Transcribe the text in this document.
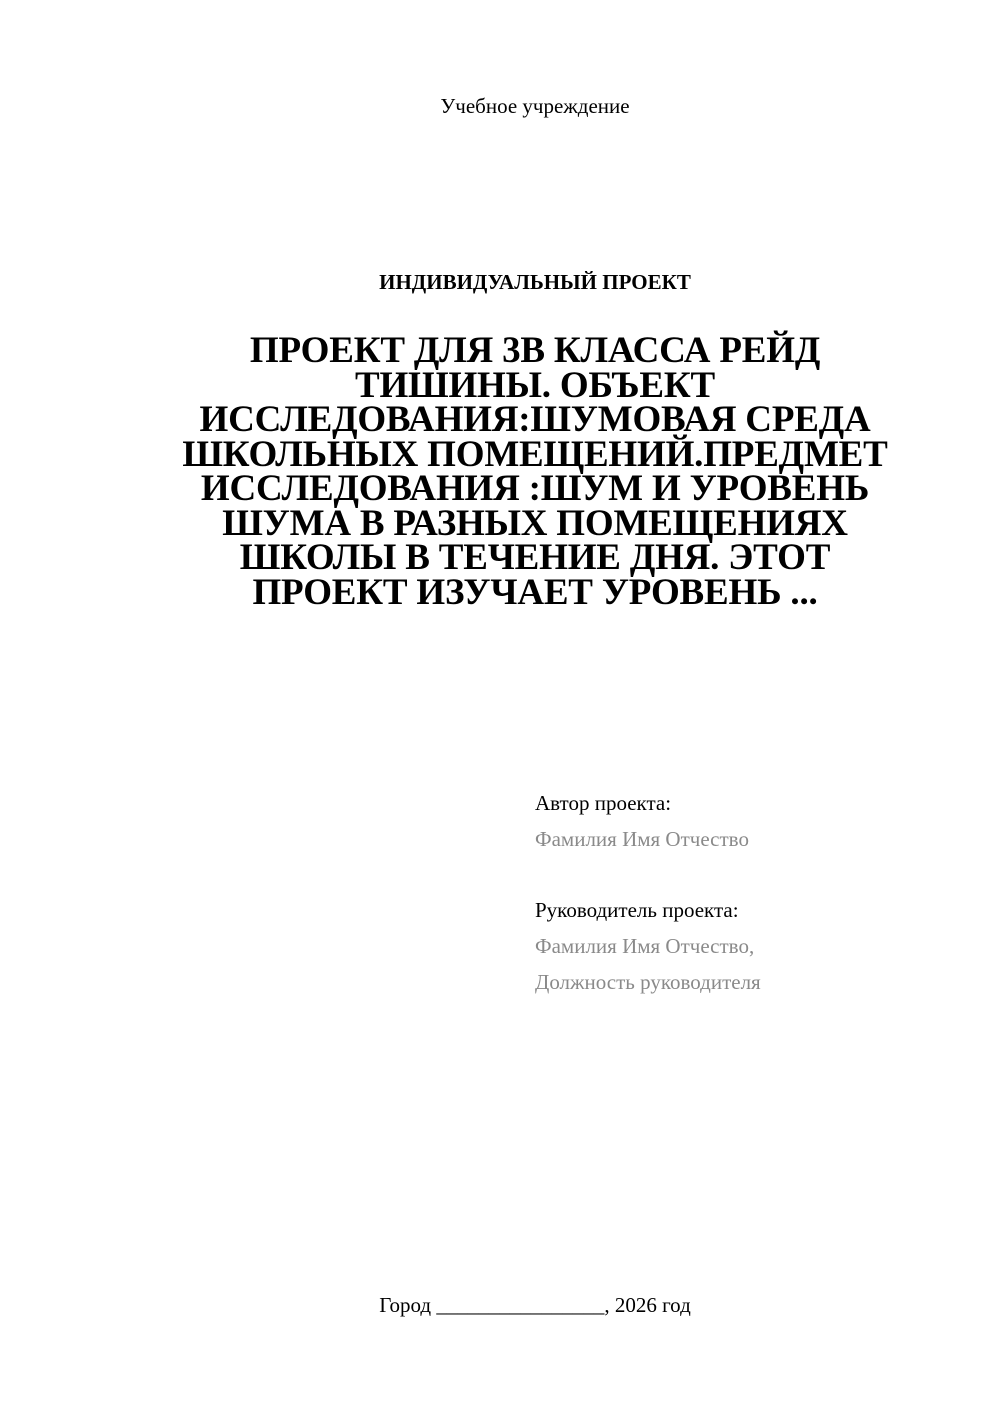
Учебное учреждение
ИНДИВИДУАЛЬНЫЙ ПРОЕКТ
ПРОЕКТ ДЛЯ 3В КЛАССА РЕЙД
ТИШИНЫ. ОБЪЕКТ
ИССЛЕДОВАНИЯ:ШУМОВАЯ СРЕДА
ШКОЛЬНЫХ ПОМЕЩЕНИЙ.ПРЕДМЕТ
ИССЛЕДОВАНИЯ :ШУМ И УРОВЕНЬ
ШУМА В РАЗНЫХ ПОМЕЩЕНИЯХ
ШКОЛЫ В ТЕЧЕНИЕ ДНЯ. ЭТОТ
ПРОЕКТ ИЗУЧАЕТ УРОВЕНЬ ...
Автор проекта:
Фамилия Имя Отчество
Руководитель проекта:
Фамилия Имя Отчество,
Должность руководителя
Город ________________, 2026 год
